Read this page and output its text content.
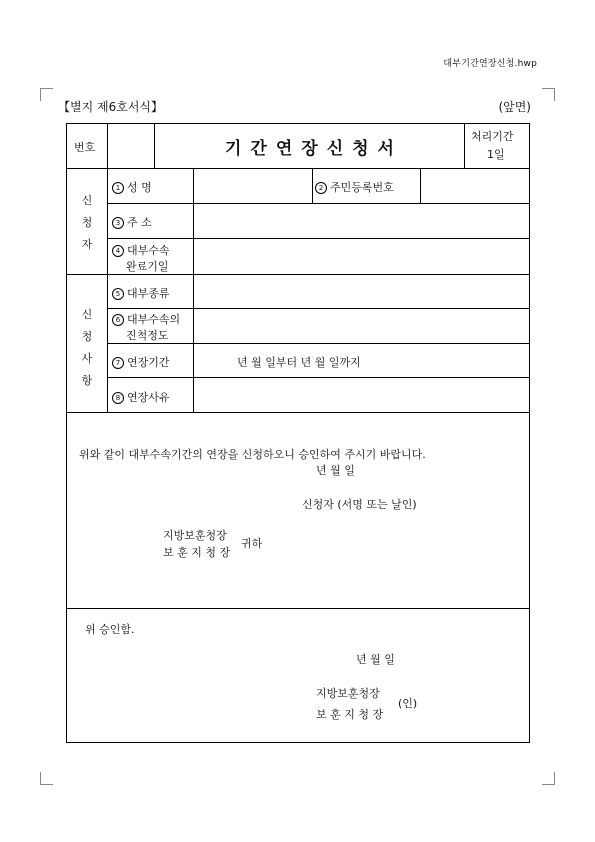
대부기간연장신청.hwp
【별지 제6호서식】	(앞면)
번호	기간연장신청서
처리기간
1일
신청자
1 성 명	2 주민등록번호
3 주 소
4 대부수속
완료기일
신청사항
5 대부종류
6 대부수속의
진척정도
7 연장기간	년 월 일부터 년 월 일까지
8 연장사유
위와 같이 대부수속기간의 연장을 신청하오니 승인하여 주시기 바랍니다.
년 월 일
신청자 (서명 또는 날인)
지방보훈청장
보 훈 지 청 장
귀하
위 승인함.
년 월 일
지방보훈청장
보 훈 지 청 장
(인)
